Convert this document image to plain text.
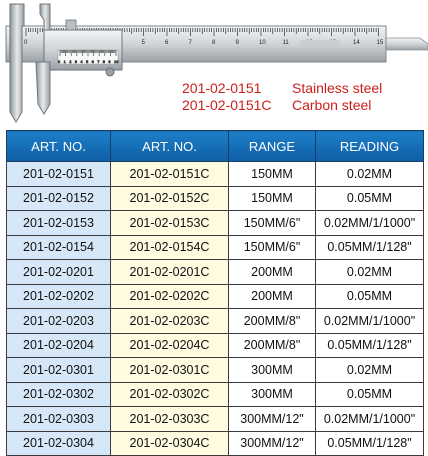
0	5	6	7	8	9	10	11	14	15
0 1 2 3 4 5 6 7 8 9 10
201-02-0151	Stainless steel
201-02-0151C	Carbon steel
ART. NO.	ART. NO.	RANGE	READING
201-02-0151	201-02-0151C	150MM	0.02MM
201-02-0152	201-02-0152C	150MM	0.05MM
201-02-0153	201-02-0153C	150MM/6"	0.02MM/1/1000"
201-02-0154	201-02-0154C	150MM/6"	0.05MM/1/128"
201-02-0201	201-02-0201C	200MM	0.02MM
201-02-0202	201-02-0202C	200MM	0.05MM
201-02-0203	201-02-0203C	200MM/8"	0.02MM/1/1000"
201-02-0204	201-02-0204C	200MM/8"	0.05MM/1/128"
201-02-0301	201-02-0301C	300MM	0.02MM
201-02-0302	201-02-0302C	300MM	0.05MM
201-02-0303	201-02-0303C	300MM/12"	0.02MM/1/1000"
201-02-0304	201-02-0304C	300MM/12"	0.05MM/1/128"
